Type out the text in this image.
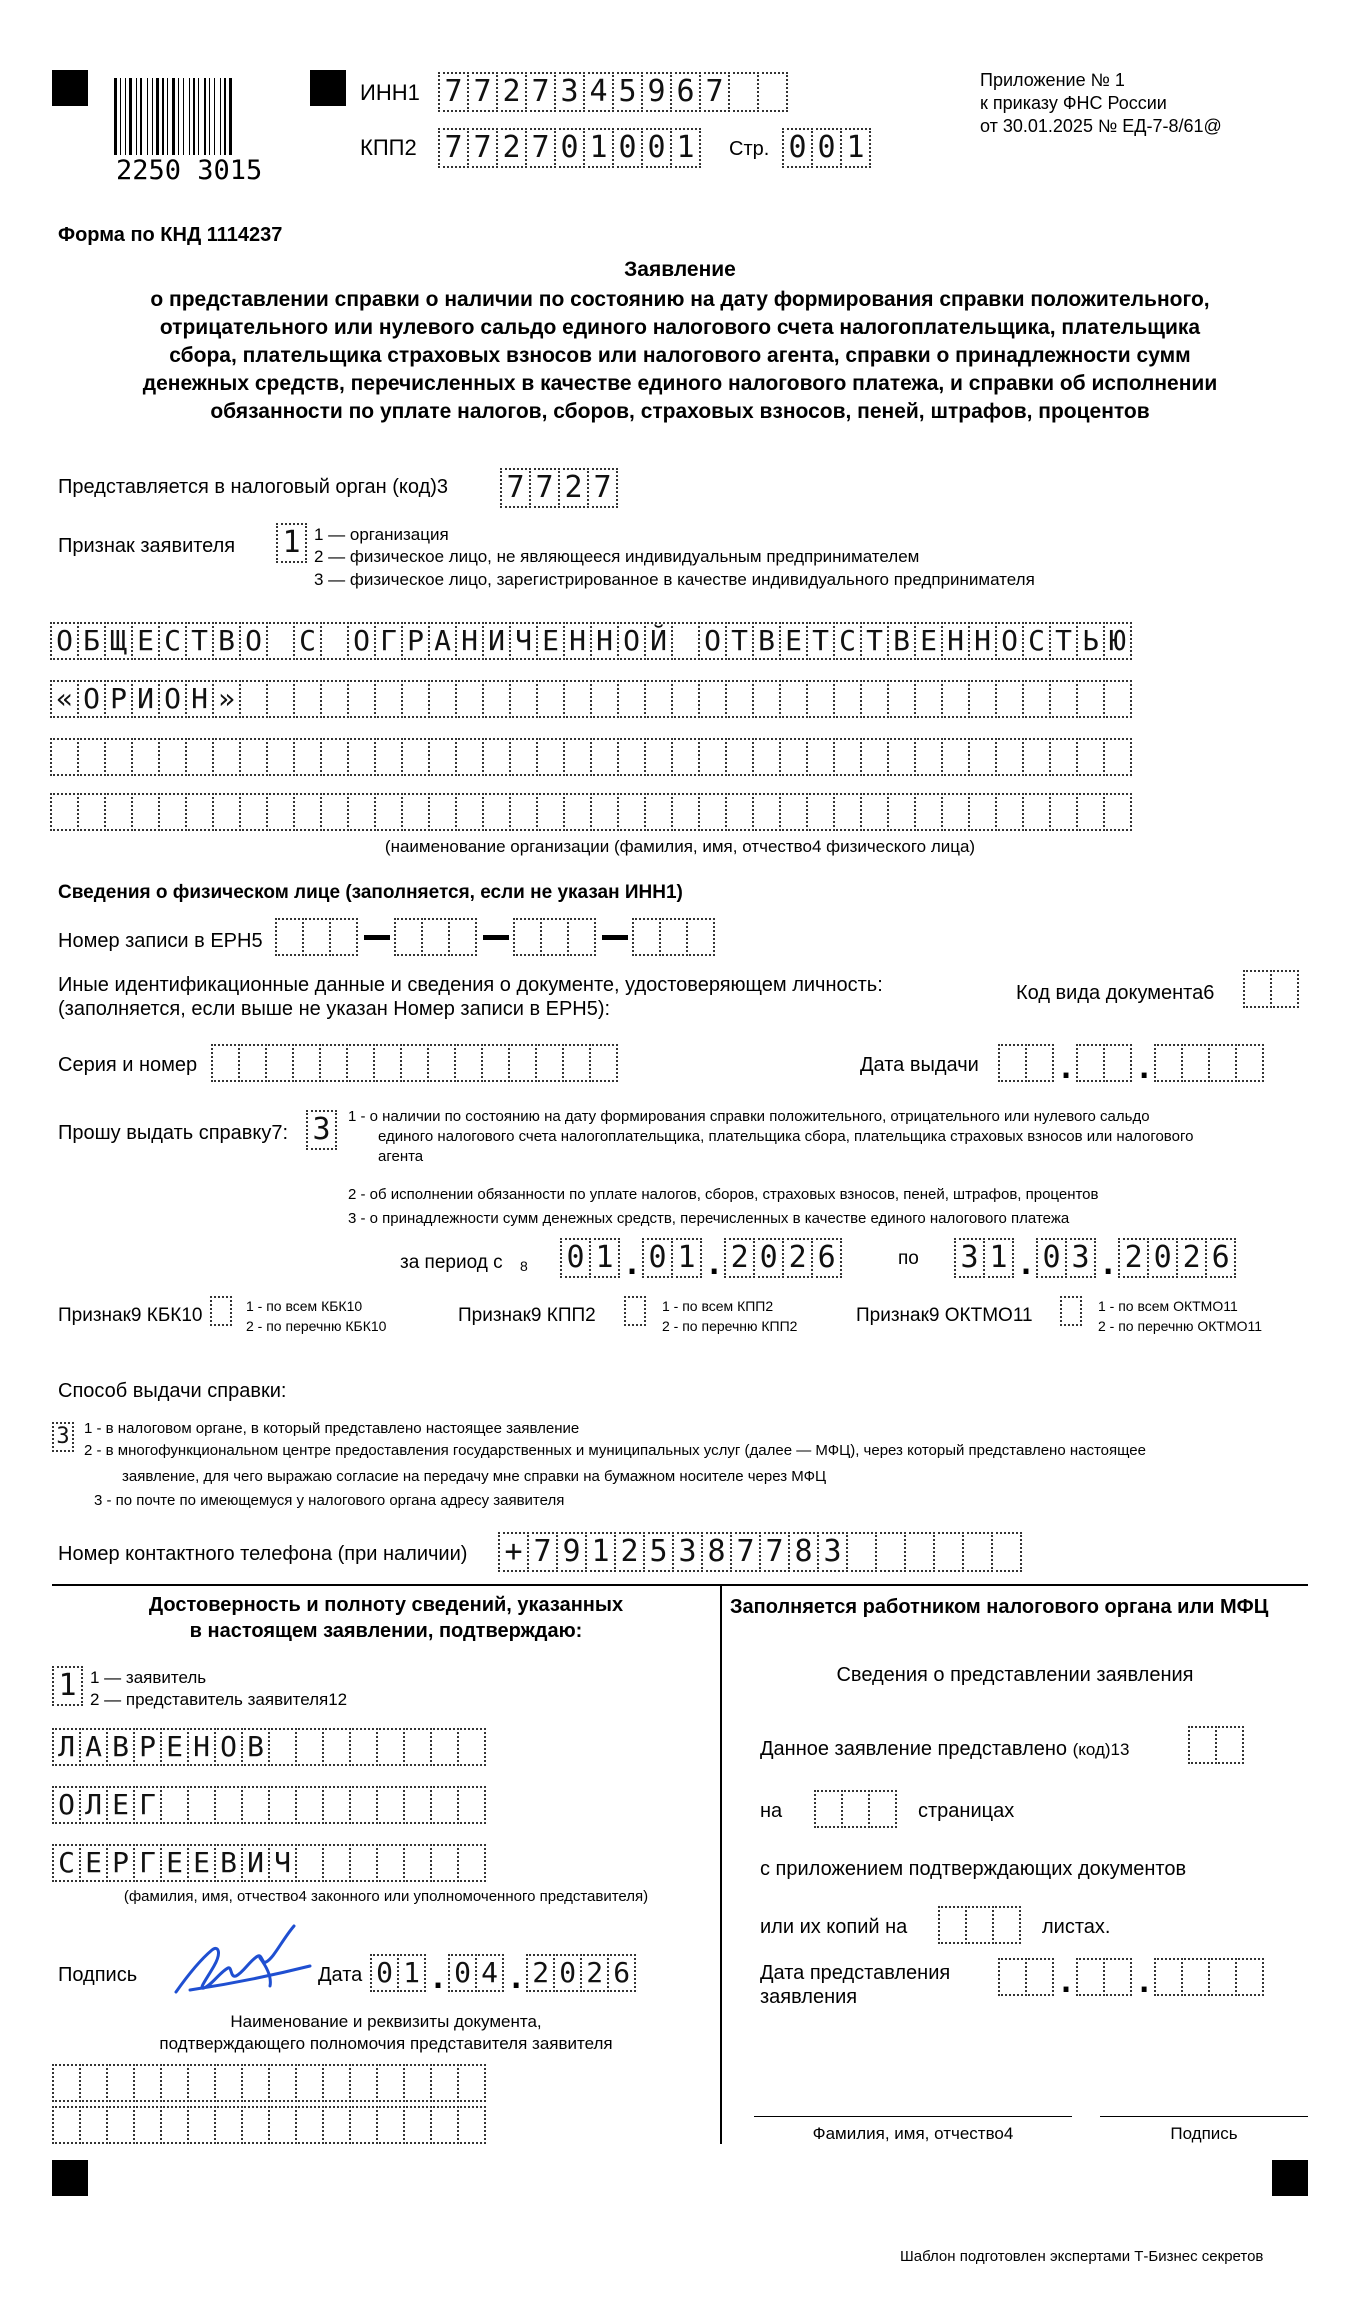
2250 3015
ИНН1 7 7 2 7 3 4 5 9 6 7
КПП2 7 7 2 7 0 1 0 0 1	Стр. 0 0 1
Приложение № 1
к приказу ФНС России
от 30.01.2025 № ЕД-7-8/61@
Форма по КНД 1114237
Заявление
о представлении справки о наличии по состоянию на дату формирования справки положительного,
отрицательного или нулевого сальдо единого налогового счета налогоплательщика, плательщика
сбора, плательщика страховых взносов или налогового агента, справки о принадлежности сумм
денежных средств, перечисленных в качестве единого налогового платежа, и справки об исполнении
обязанности по уплате налогов, сборов, страховых взносов, пеней, штрафов, процентов
Представляется в налоговый орган (код)3 7 7 2 7
Признак заявителя 1 1 — организация
2 — физическое лицо, не являющееся индивидуальным предпринимателем
3 — физическое лицо, зарегистрированное в качестве индивидуального предпринимателя
О Б Щ Е С Т В О С О Г Р А Н И Ч Е Н Н О Й О Т В Е Т С Т В Е Н Н О С Т Ь Ю
« О Р И О Н »
(наименование организации (фамилия, имя, отчество4 физического лица)
Сведения о физическом лице (заполняется, если не указан ИНН1)
Номер записи в ЕРН5
Иные идентификационные данные и сведения о документе, удостоверяющем личность:
(заполняется, если выше не указан Номер записи в ЕРН5):
Код вида документа6
Серия и номер	Дата выдачи	. .
Прошу выдать справку7: 3	1 - о наличии по состоянию на дату формирования справки положительного, отрицательного или нулевого сальдо
единого налогового счета налогоплательщика, плательщика сбора, плательщика страховых взносов или налогового
агента
2 - об исполнении обязанности по уплате налогов, сборов, страховых взносов, пеней, штрафов, процентов
3 - о принадлежности сумм денежных средств, перечисленных в качестве единого налогового платежа
за период с 8 0 1 . 0 1 . 2 0 2 6	по 3 1 . 0 3 . 2 0 2 6
Признак9 КБК10	1 - по всем КБК10
2 - по перечню КБК10	Признак9 КПП2	1 - по всем КПП2
2 - по перечню КПП2	Признак9 ОКТМО11	1 - по всем ОКТМО11
2 - по перечню ОКТМО11
Способ выдачи справки:
3 1 - в налоговом органе, в который представлено настоящее заявление
2 - в многофункциональном центре предоставления государственных и муниципальных услуг (далее — МФЦ), через который представлено настоящее
заявление, для чего выражаю согласие на передачу мне справки на бумажном носителе через МФЦ
3 - по почте по имеющемуся у налогового органа адресу заявителя
Номер контактного телефона (при наличии) + 7 9 1 2 5 3 8 7 7 8 3
Достоверность и полноту сведений, указанных
в настоящем заявлении, подтверждаю:
1 1 — заявитель
2 — представитель заявителя12
Л А В Р Е Н О В
О Л Е Г
С Е Р Г Е Е В И Ч
(фамилия, имя, отчество4 законного или уполномоченного представителя)
Подпись	Дата 0 1 . 0 4 . 2 0 2 6
Наименование и реквизиты документа,
подтверждающего полномочия представителя заявителя
Заполняется работником налогового органа или МФЦ
Сведения о представлении заявления
Данное заявление представлено (код)13
на	страницах
с приложением подтверждающих документов
или их копий на	листах.
Дата представления
заявления	. .
Фамилия, имя, отчество4	Подпись
Шаблон подготовлен экспертами Т-Бизнес секретов
